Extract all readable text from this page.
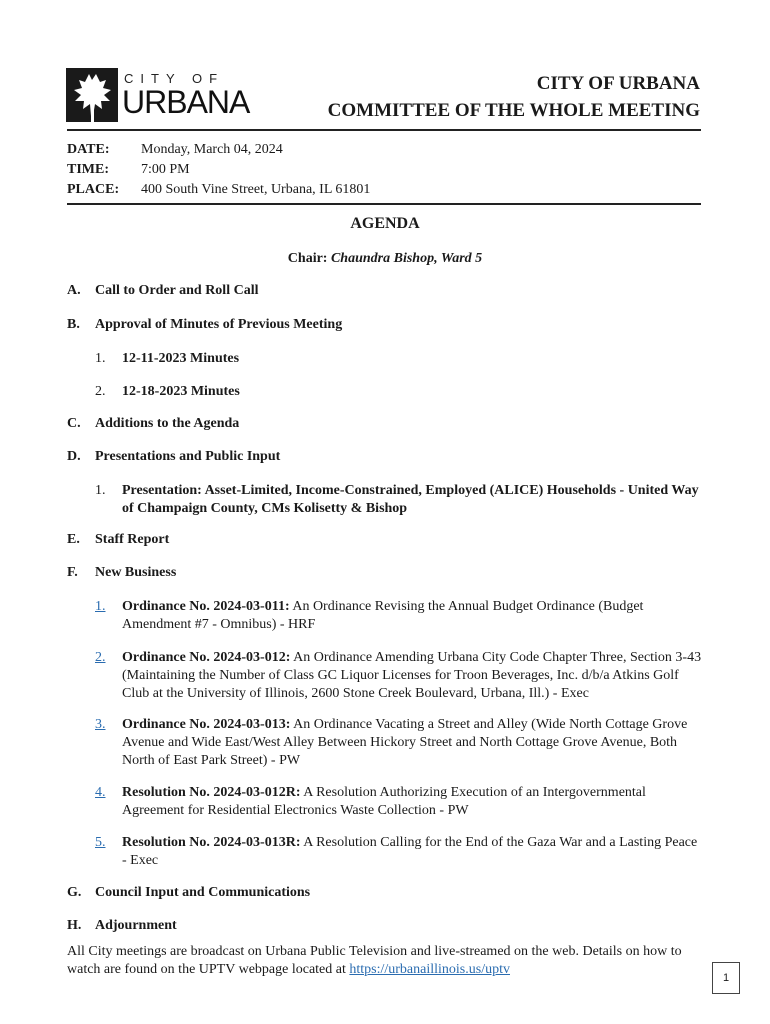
CITY OF
URBANA
CITY OF URBANA
COMMITTEE OF THE WHOLE MEETING
DATE:	Monday, March 04, 2024
TIME:	7:00 PM
PLACE:	400 South Vine Street, Urbana, IL 61801
AGENDA
Chair: Chaundra Bishop, Ward 5
A.	Call to Order and Roll Call
B.	Approval of Minutes of Previous Meeting
1.	12-11-2023 Minutes
2.	12-18-2023 Minutes
C.	Additions to the Agenda
D.	Presentations and Public Input
1.	Presentation: Asset-Limited, Income-Constrained, Employed (ALICE) Households - United Way of Champaign County, CMs Kolisetty & Bishop
E.	Staff Report
F.	New Business
1.	Ordinance No. 2024-03-011: An Ordinance Revising the Annual Budget Ordinance (Budget Amendment #7 - Omnibus) - HRF
2.	Ordinance No. 2024-03-012: An Ordinance Amending Urbana City Code Chapter Three, Section 3-43 (Maintaining the Number of Class GC Liquor Licenses for Troon Beverages, Inc. d/b/a Atkins Golf Club at the University of Illinois, 2600 Stone Creek Boulevard, Urbana, Ill.) - Exec
3.	Ordinance No. 2024-03-013: An Ordinance Vacating a Street and Alley (Wide North Cottage Grove Avenue and Wide East/West Alley Between Hickory Street and North Cottage Grove Avenue, Both North of East Park Street) - PW
4.	Resolution No. 2024-03-012R: A Resolution Authorizing Execution of an Intergovernmental Agreement for Residential Electronics Waste Collection - PW
5.	Resolution No. 2024-03-013R: A Resolution Calling for the End of the Gaza War and a Lasting Peace - Exec
G. Council Input and Communications
H. Adjournment
All City meetings are broadcast on Urbana Public Television and live-streamed on the web. Details on how to watch are found on the UPTV webpage located at https://urbanaillinois.us/uptv
1
